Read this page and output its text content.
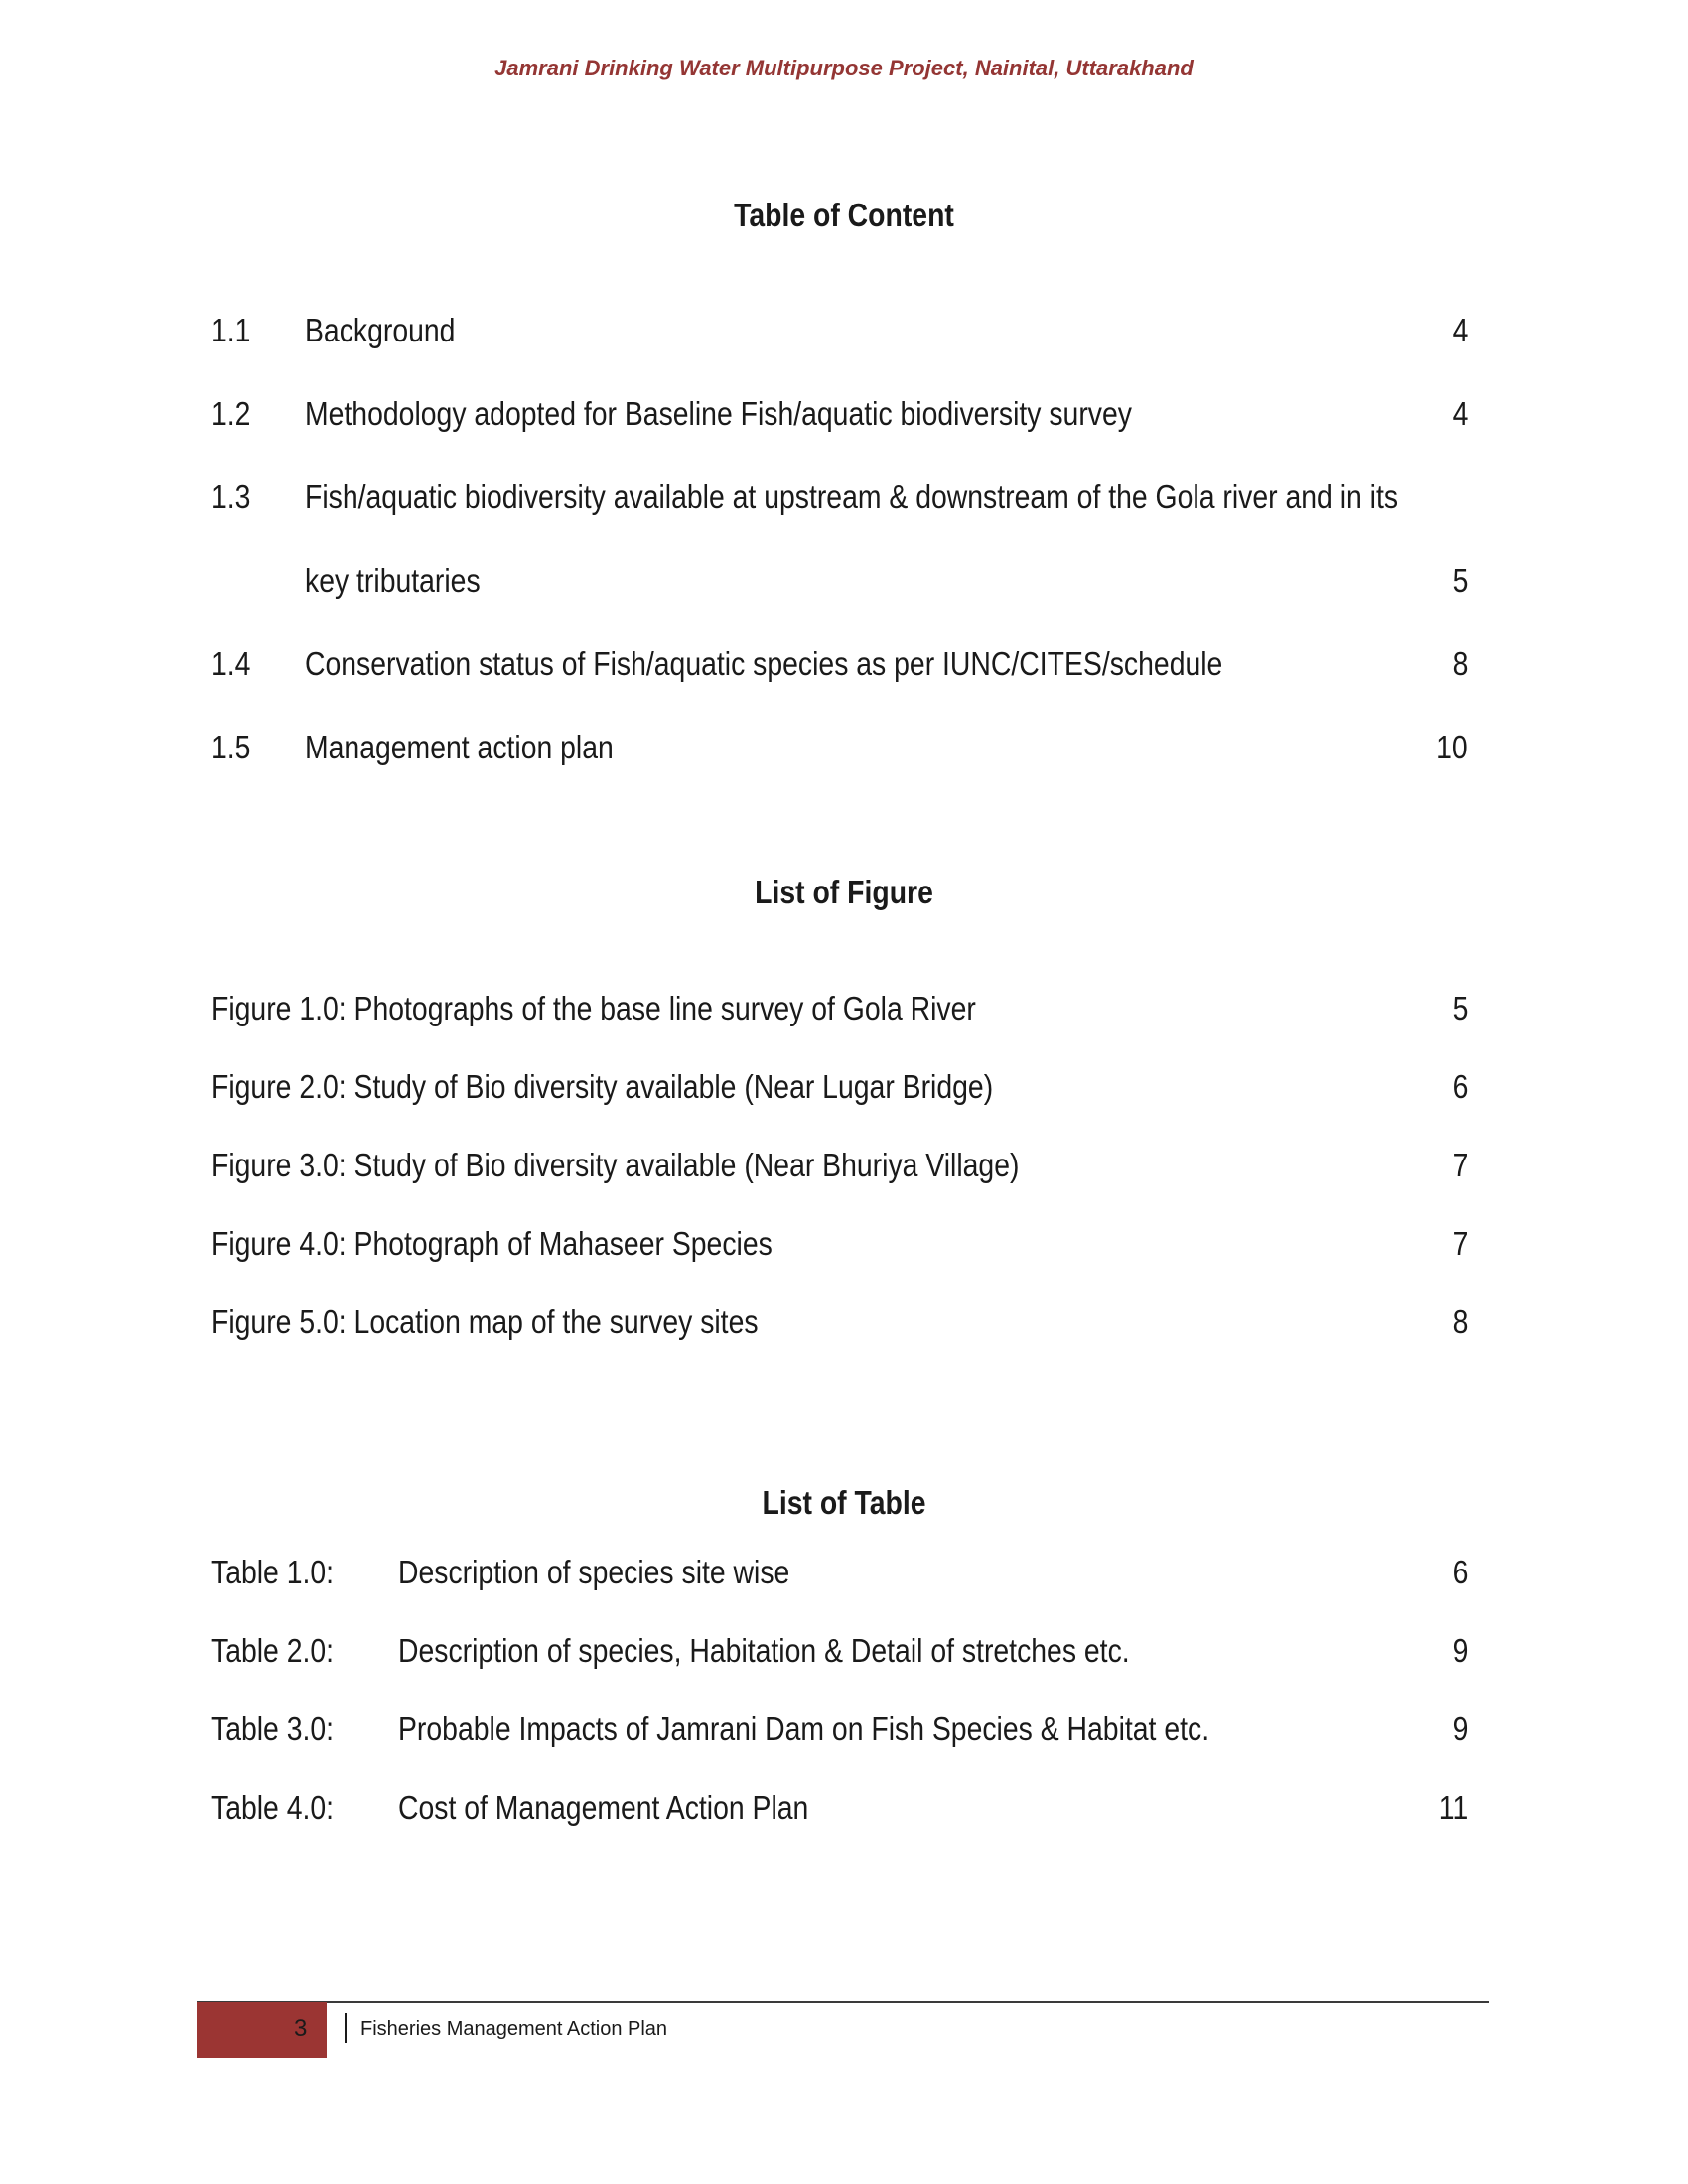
Jamrani Drinking Water Multipurpose Project, Nainital, Uttarakhand
Table of Content
1.1 Background	4
1.2 Methodology adopted for Baseline Fish/aquatic biodiversity survey	4
1.3 Fish/aquatic biodiversity available at upstream & downstream of the Gola river and in its
key tributaries	5
1.4 Conservation status of Fish/aquatic species as per IUNC/CITES/schedule	8
1.5 Management action plan	10
List of Figure
Figure 1.0: Photographs of the base line survey of Gola River	5
Figure 2.0: Study of Bio diversity available (Near Lugar Bridge)	6
Figure 3.0: Study of Bio diversity available (Near Bhuriya Village)	7
Figure 4.0: Photograph of Mahaseer Species	7
Figure 5.0: Location map of the survey sites	8
List of Table
Table 1.0: Description of species site wise	6
Table 2.0: Description of species, Habitation & Detail of stretches etc.	9
Table 3.0: Probable Impacts of Jamrani Dam on Fish Species & Habitat etc.	9
Table 4.0: Cost of Management Action Plan	11
3	Fisheries Management Action Plan
